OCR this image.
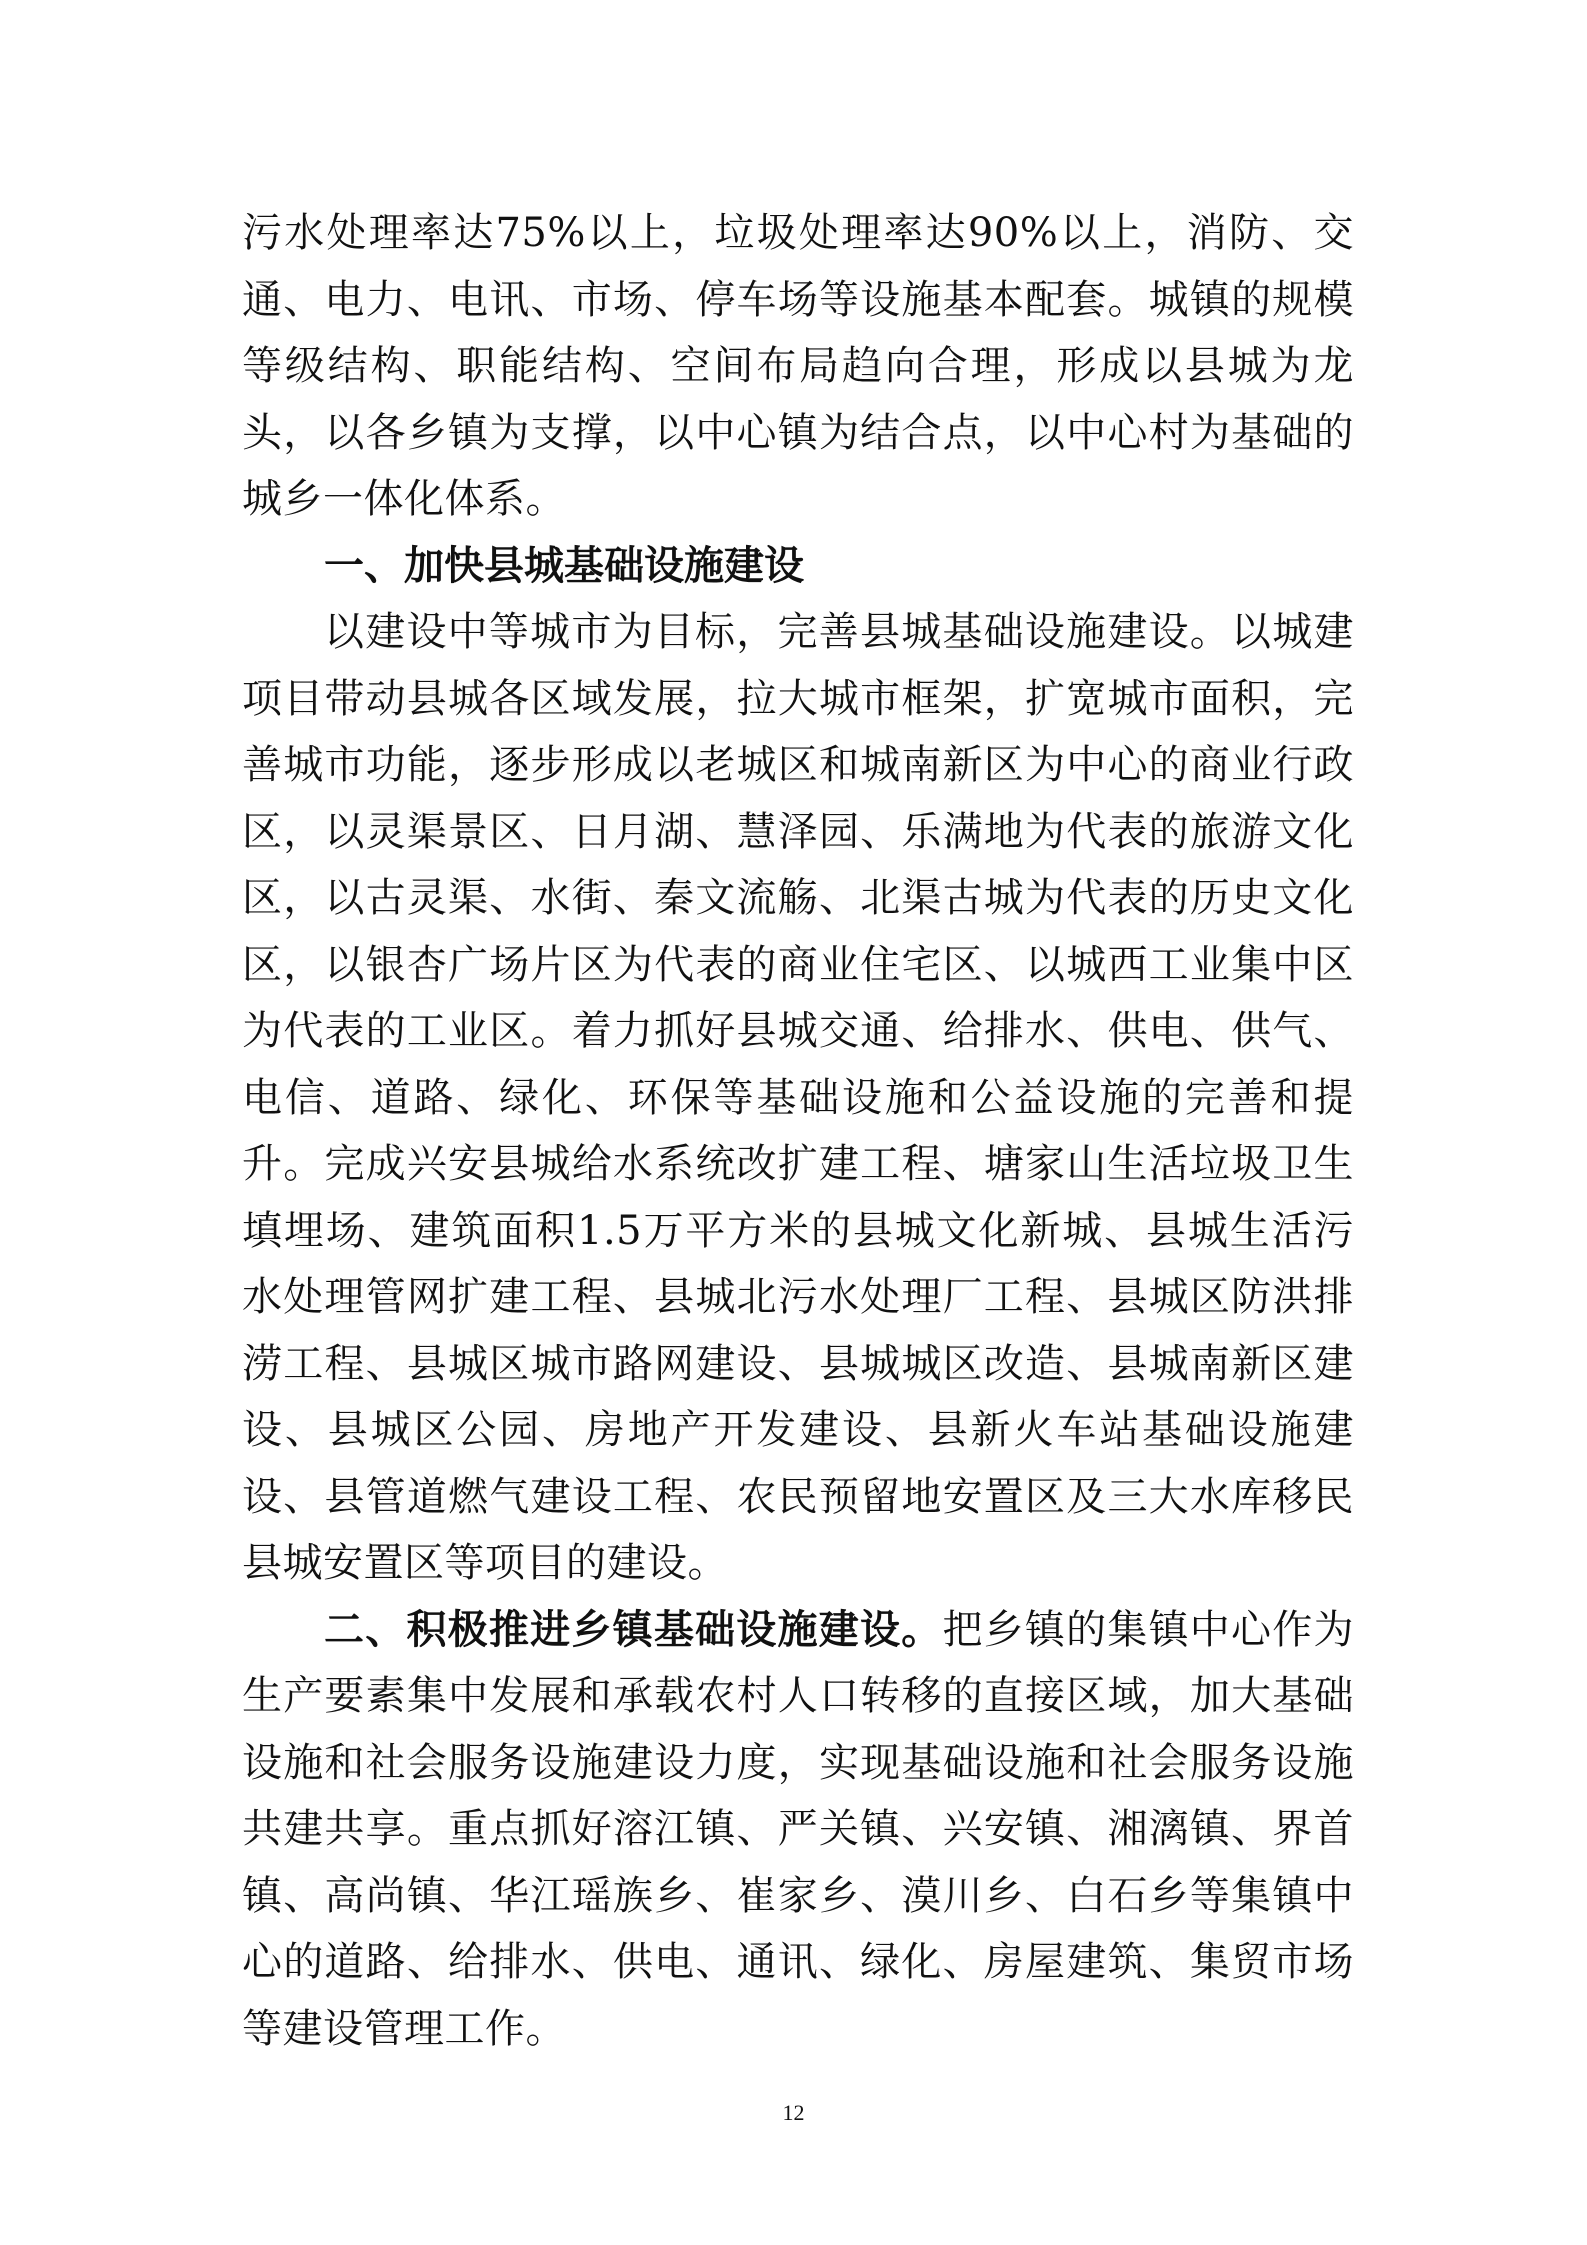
污水处理率达75%以上，垃圾处理率达90%以上，消防、交通、电力、电讯、市场、停车场等设施基本配套。城镇的规模等级结构、职能结构、空间布局趋向合理，形成以县城为龙头，以各乡镇为支撑，以中心镇为结合点，以中心村为基础的城乡一体化体系。

一、加快县城基础设施建设

以建设中等城市为目标，完善县城基础设施建设。以城建项目带动县城各区域发展，拉大城市框架，扩宽城市面积，完善城市功能，逐步形成以老城区和城南新区为中心的商业行政区，以灵渠景区、日月湖、慧泽园、乐满地为代表的旅游文化区，以古灵渠、水街、秦文流觞、北渠古城为代表的历史文化区，以银杏广场片区为代表的商业住宅区、以城西工业集中区为代表的工业区。着力抓好县城交通、给排水、供电、供气、电信、道路、绿化、环保等基础设施和公益设施的完善和提升。完成兴安县城给水系统改扩建工程、塘家山生活垃圾卫生填埋场、建筑面积1.5万平方米的县城文化新城、县城生活污水处理管网扩建工程、县城北污水处理厂工程、县城区防洪排涝工程、县城区城市路网建设、县城城区改造、县城南新区建设、县城区公园、房地产开发建设、县新火车站基础设施建设、县管道燃气建设工程、农民预留地安置区及三大水库移民县城安置区等项目的建设。

二、积极推进乡镇基础设施建设。把乡镇的集镇中心作为生产要素集中发展和承载农村人口转移的直接区域，加大基础设施和社会服务设施建设力度，实现基础设施和社会服务设施共建共享。重点抓好溶江镇、严关镇、兴安镇、湘漓镇、界首镇、高尚镇、华江瑶族乡、崔家乡、漠川乡、白石乡等集镇中心的道路、给排水、供电、通讯、绿化、房屋建筑、集贸市场等建设管理工作。

12
